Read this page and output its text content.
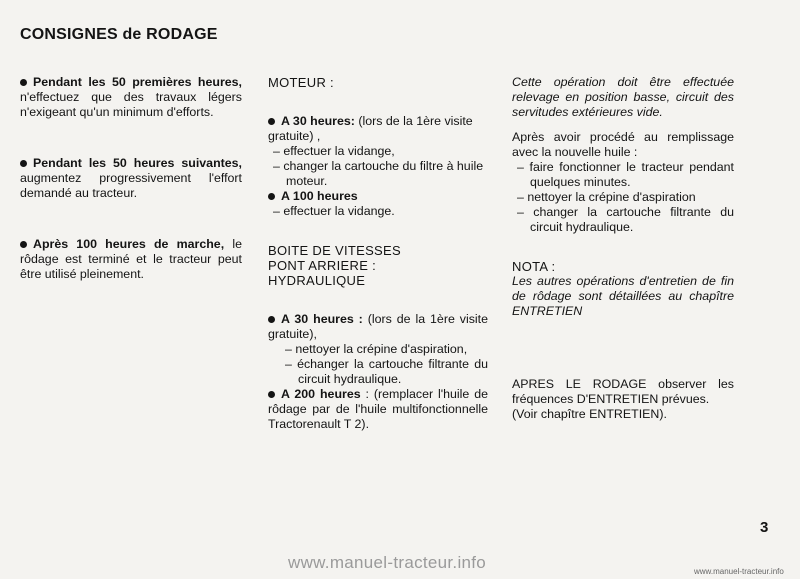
CONSIGNES de RODAGE

Pendant les 50 premières heures, n'effectuez que des travaux légers n'exigeant qu'un minimum d'efforts.

Pendant les 50 heures suivantes, augmentez progressivement l'effort demandé au tracteur.

Après 100 heures de marche, le rôdage est terminé et le tracteur peut être utilisé pleinement.

MOTEUR :

A 30 heures: (lors de la 1ère visite gratuite) ,

– effectuer la vidange,

– changer la cartouche du filtre à huile moteur.

A 100 heures

– effectuer la vidange.

BOITE DE VITESSES

PONT ARRIERE :

HYDRAULIQUE

A 30 heures : (lors de la 1ère visite gratuite),

– nettoyer la crépine d'aspiration,

– échanger la cartouche filtrante du circuit hydraulique.

A 200 heures : (remplacer l'huile de rôdage par de l'huile multifonctionnelle Tractorenault T 2).

Cette opération doit être effectuée relevage en position basse, circuit des servitudes extérieures vide.

Après avoir procédé au remplissage avec la nouvelle huile :

– faire fonctionner le tracteur pendant quelques minutes.

– nettoyer la crépine d'aspiration

– changer la cartouche filtrante du circuit hydraulique.

NOTA :

Les autres opérations d'entretien de fin de rôdage sont détaillées au chapître ENTRETIEN

APRES LE RODAGE observer les fréquences D'ENTRETIEN prévues.

(Voir chapître ENTRETIEN).

3
www.manuel-tracteur.info	www.manuel-tracteur.info
